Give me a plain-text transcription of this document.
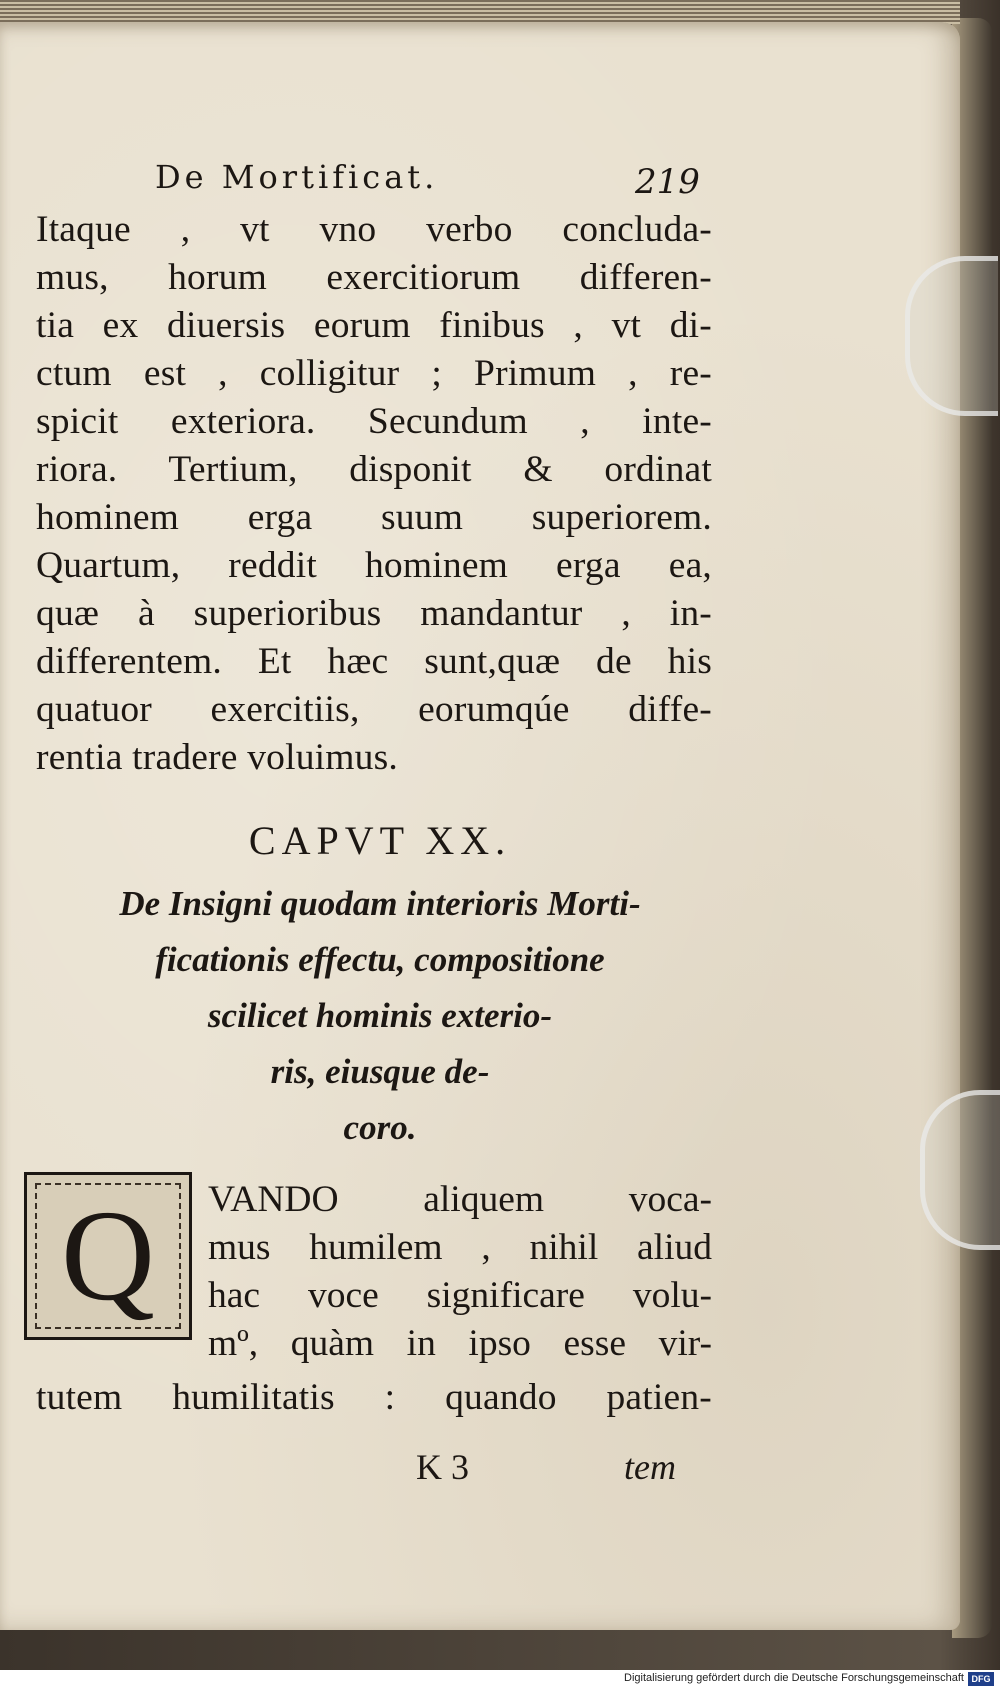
De Mortificat.	219
Itaque , vt vno verbo concluda-
mus, horum exercitiorum differen-
tia ex diuersis eorum finibus , vt di-
ctum est , colligitur ; Primum , re-
spicit exteriora. Secundum , inte-
riora. Tertium, disponit & ordinat
hominem erga suum superiorem.
Quartum, reddit hominem erga ea,
quæ à superioribus mandantur , in-
differentem. Et hæc sunt,quæ de his
quatuor exercitiis, eorumqúe diffe-
rentia tradere voluimus.
CAPVT XX.
De Insigni quodam interioris Morti-
ficationis effectu, compositione
scilicet hominis exterio-
ris, eiusque de-
coro.
Q	VANDO aliquem voca-
mus humilem , nihil aliud
hac voce significare volu-
mº, quàm in ipso esse vir-
tutem humilitatis : quando patien-
K 3	tem
Digitalisierung gefördert durch die Deutsche Forschungsgemeinschaft DFG
